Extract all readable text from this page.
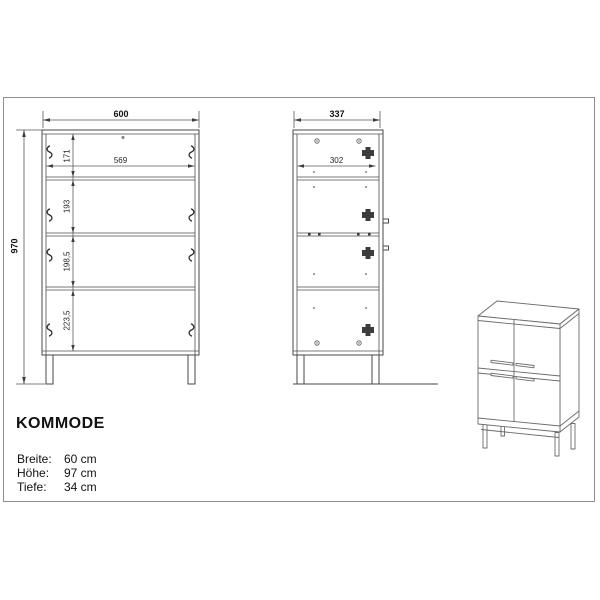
600
569
171
193
198,5
223,5
970
337
302
KOMMODE
Breite: 60 cm
Höhe: 97 cm
Tiefe: 34 cm
